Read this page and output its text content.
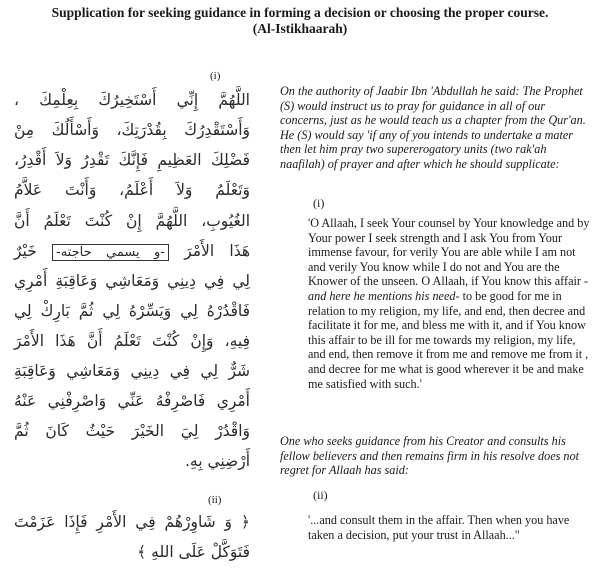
Supplication for seeking guidance in forming a decision or choosing the proper course.
(Al-Istikhaarah)
(i)
اللَّهُمَّ إِنِّي أَسْتَخِيرُكَ بِعِلْمِكَ ،
وَأَسْتَقْدِرُكَ بِقُدْرَتِكَ، وَأَسْأَلُكَ مِنْ
فَضْلِكَ العَظِيمِ فَإِنَّكَ تَقْدِرُ وَلاَ أَقْدِرُ،
وَتَعْلَمُ وَلاَ أَعْلَمُ، وَأَنْتَ عَلاَّمُ
الغُيُوبِ، اللَّهُمَّ إِنْ كُنْتَ تَعْلَمُ أَنَّ
هَذَا الأَمْرَ -و يسمي حاجته- خَيْرٌ
لِي فِي دِينِي وَمَعَاشِي وَعَاقِبَةِ أَمْرِي
فَاقْدُرْهُ لِي وَيَسِّرْهُ لِي ثُمَّ بَارِكْ لِي
فِيهِ، وَإِنْ كُنْتَ تَعْلَمُ أَنَّ هَذَا الأَمْرَ
شَرٌّ لِي فِي دِينِي وَمَعَاشِي وَعَاقِبَةِ
أَمْرِي فَاصْرِفْهُ عَنِّي وَاصْرِفْنِي عَنْهُ
وَاقْدُرْ لِيَ الخَيْرَ حَيْثُ كَانَ ثُمَّ
أَرْضِنِي بِهِ.
(ii)
﴿ وَ شَاوِرْهُمْ فِي الأَمْرِ فَإِذَا عَزَمْتَ
فَتَوَكَّلْ عَلَى اللهِ ﴾
On the authority of Jaabir Ibn 'Abdullah he said: The Prophet (S) would instruct us to pray for guidance in all of our concerns, just as he would teach us a chapter from the Qur'an. He (S) would say 'if any of you intends to undertake a mater then let him pray two supererogatory units (two rak'ah naafilah) of prayer and after which he should supplicate:
(i)
'O Allaah, I seek Your counsel by Your knowledge and by Your power I seek strength and I ask You from Your immense favour, for verily You are able while I am not and verily You know while I do not and You are the Knower of the unseen. O Allaah, if You know this affair -and here he mentions his need- to be good for me in relation to my religion, my life, and end, then decree and facilitate it for me, and bless me with it, and if You know this affair to be ill for me towards my religion, my life, and end, then remove it from me and remove me from it , and decree for me what is good wherever it be and make me satisfied with such.'
One who seeks guidance from his Creator and consults his fellow believers and then remains firm in his resolve does not regret for Allaah has said:
(ii)
'...and consult them in the affair. Then when you have taken a decision, put your trust in Allaah..."
